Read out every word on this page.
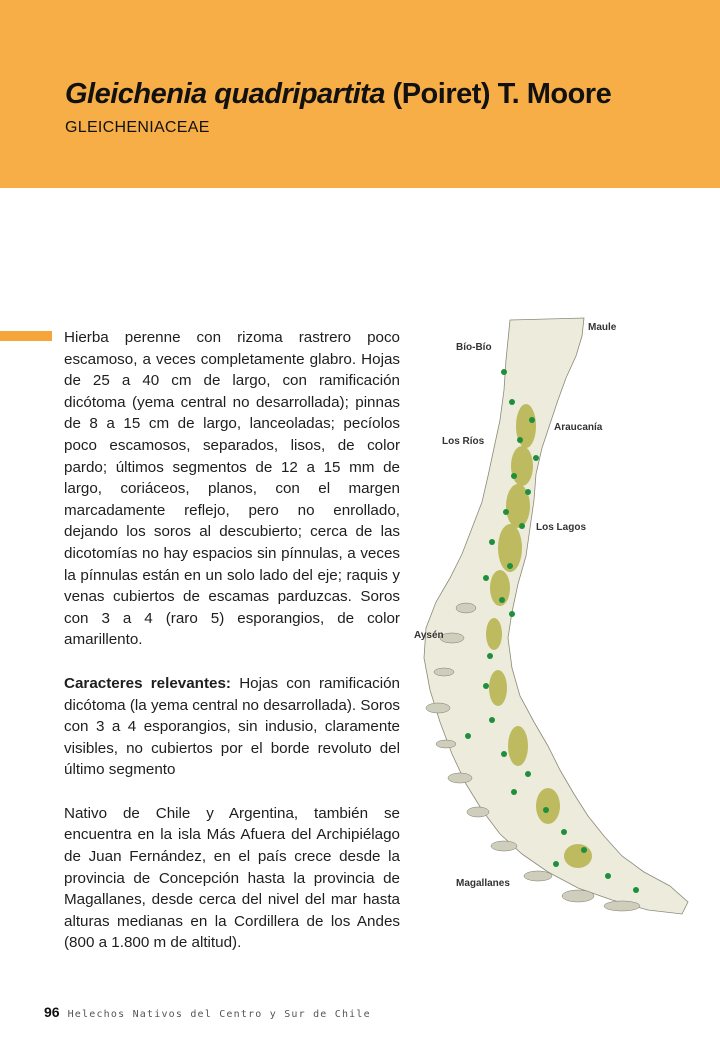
Gleichenia quadripartita (Poiret) T. Moore
GLEICHENIACEAE

Hierba perenne con rizoma rastrero poco escamoso, a veces completamente glabro. Hojas de 25 a 40 cm de largo, con ramificación dicótoma (yema central no desarrollada); pinnas de 8 a 15 cm de largo, lanceoladas; pecíolos poco escamosos, separados, lisos, de color pardo; últimos segmentos de 12 a 15 mm de largo, coriáceos, planos, con el margen marcadamente reflejo, pero no enrollado, dejando los soros al descubierto; cerca de las dicotomías no hay espacios sin pínnulas, a veces la pínnulas están en un solo lado del eje; raquis y venas cubiertos de escamas parduzcas. Soros con 3 a 4 (raro 5) esporangios, de color amarillento.

Caracteres relevantes: Hojas con ramificación dicótoma (la yema central no desarrollada). Soros con 3 a 4 esporangios, sin indusio, claramente visibles, no cubiertos por el borde revoluto del último segmento

Nativo de Chile y Argentina, también se encuentra en la isla Más Afuera del Archipiélago de Juan Fernández, en el país crece desde la provincia de Concepción hasta la provincia de Magallanes, desde cerca del nivel del mar hasta alturas medianas en la Cordillera de los Andes (800 a 1.800 m de altitud).

Maule
Bío-Bío
Araucanía
Los Ríos
Los Lagos
Aysén
Magallanes
96 Helechos Nativos del Centro y Sur de Chile
